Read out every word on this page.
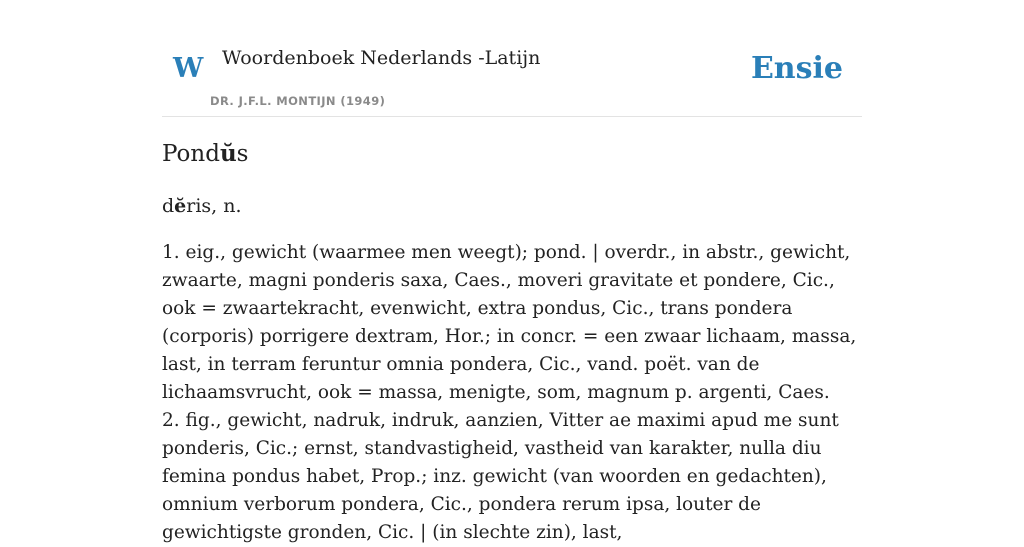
W Woordenboek Nederlands -Latijn
DR. J.F.L. MONTIJN (1949)
Ensie
Pondŭs
dĕris, n.

1. eig., gewicht (waarmee men weegt); pond. | overdr., in abstr., gewicht, zwaarte, magni ponderis saxa, Caes., moveri gravitate et pondere, Cic., ook = zwaartekracht, evenwicht, extra pondus, Cic., trans pondera (corporis) porrigere dextram, Hor.; in concr. = een zwaar lichaam, massa, last, in terram feruntur omnia pondera, Cic., vand. poët. van de lichaamsvrucht, ook = massa, menigte, som, magnum p. argenti, Caes.

2. fig., gewicht, nadruk, indruk, aanzien, Vitter ae maximi apud me sunt ponderis, Cic.; ernst, standvastigheid, vastheid van karakter, nulla diu femina pondus habet, Prop.; inz. gewicht (van woorden en gedachten), omnium verborum pondera, Cic., pondera rerum ipsa, louter de gewichtigste gronden, Cic. | (in slechte zin), last,
